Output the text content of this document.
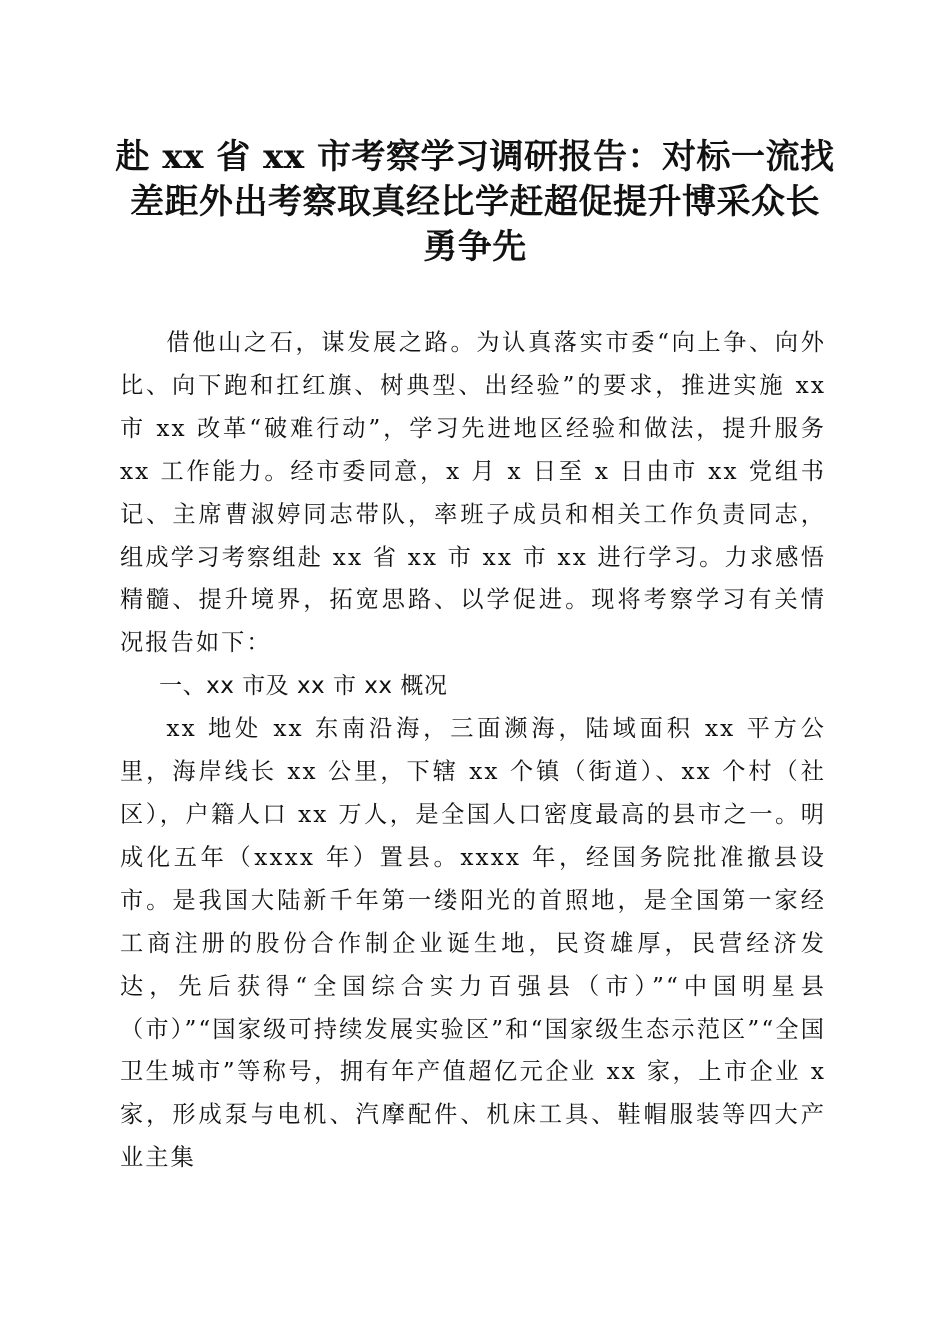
赴 xx 省 xx 市考察学习调研报告：对标一流找
差距外出考察取真经比学赶超促提升博采众长
勇争先

借他山之石，谋发展之路。为认真落实市委“向上争、向外比、向下跑和扛红旗、树典型、出经验”的要求，推进实施 xx 市 xx 改革“破难行动”，学习先进地区经验和做法，提升服务 xx 工作能力。经市委同意，x 月 x 日至 x 日由市 xx 党组书记、主席曹淑婷同志带队，率班子成员和相关工作负责同志，组成学习考察组赴 xx 省 xx 市 xx 市 xx 进行学习。力求感悟精髓、提升境界，拓宽思路、以学促进。现将考察学习有关情况报告如下：

一、xx 市及 xx 市 xx 概况

xx 地处 xx 东南沿海，三面濒海，陆域面积 xx 平方公里，海岸线长 xx 公里，下辖 xx 个镇（街道）、xx 个村（社区），户籍人口 xx 万人，是全国人口密度最高的县市之一。明成化五年（xxxx 年）置县。xxxx 年，经国务院批准撤县设市。是我国大陆新千年第一缕阳光的首照地，是全国第一家经工商注册的股份合作制企业诞生地，民资雄厚，民营经济发达，先后获得“全国综合实力百强县（市）”“中国明星县（市）”“国家级可持续发展实验区”和“国家级生态示范区”“全国卫生城市”等称号，拥有年产值超亿元企业 xx 家，上市企业 x 家，形成泵与电机、汽摩配件、机床工具、鞋帽服装等四大产业主集
